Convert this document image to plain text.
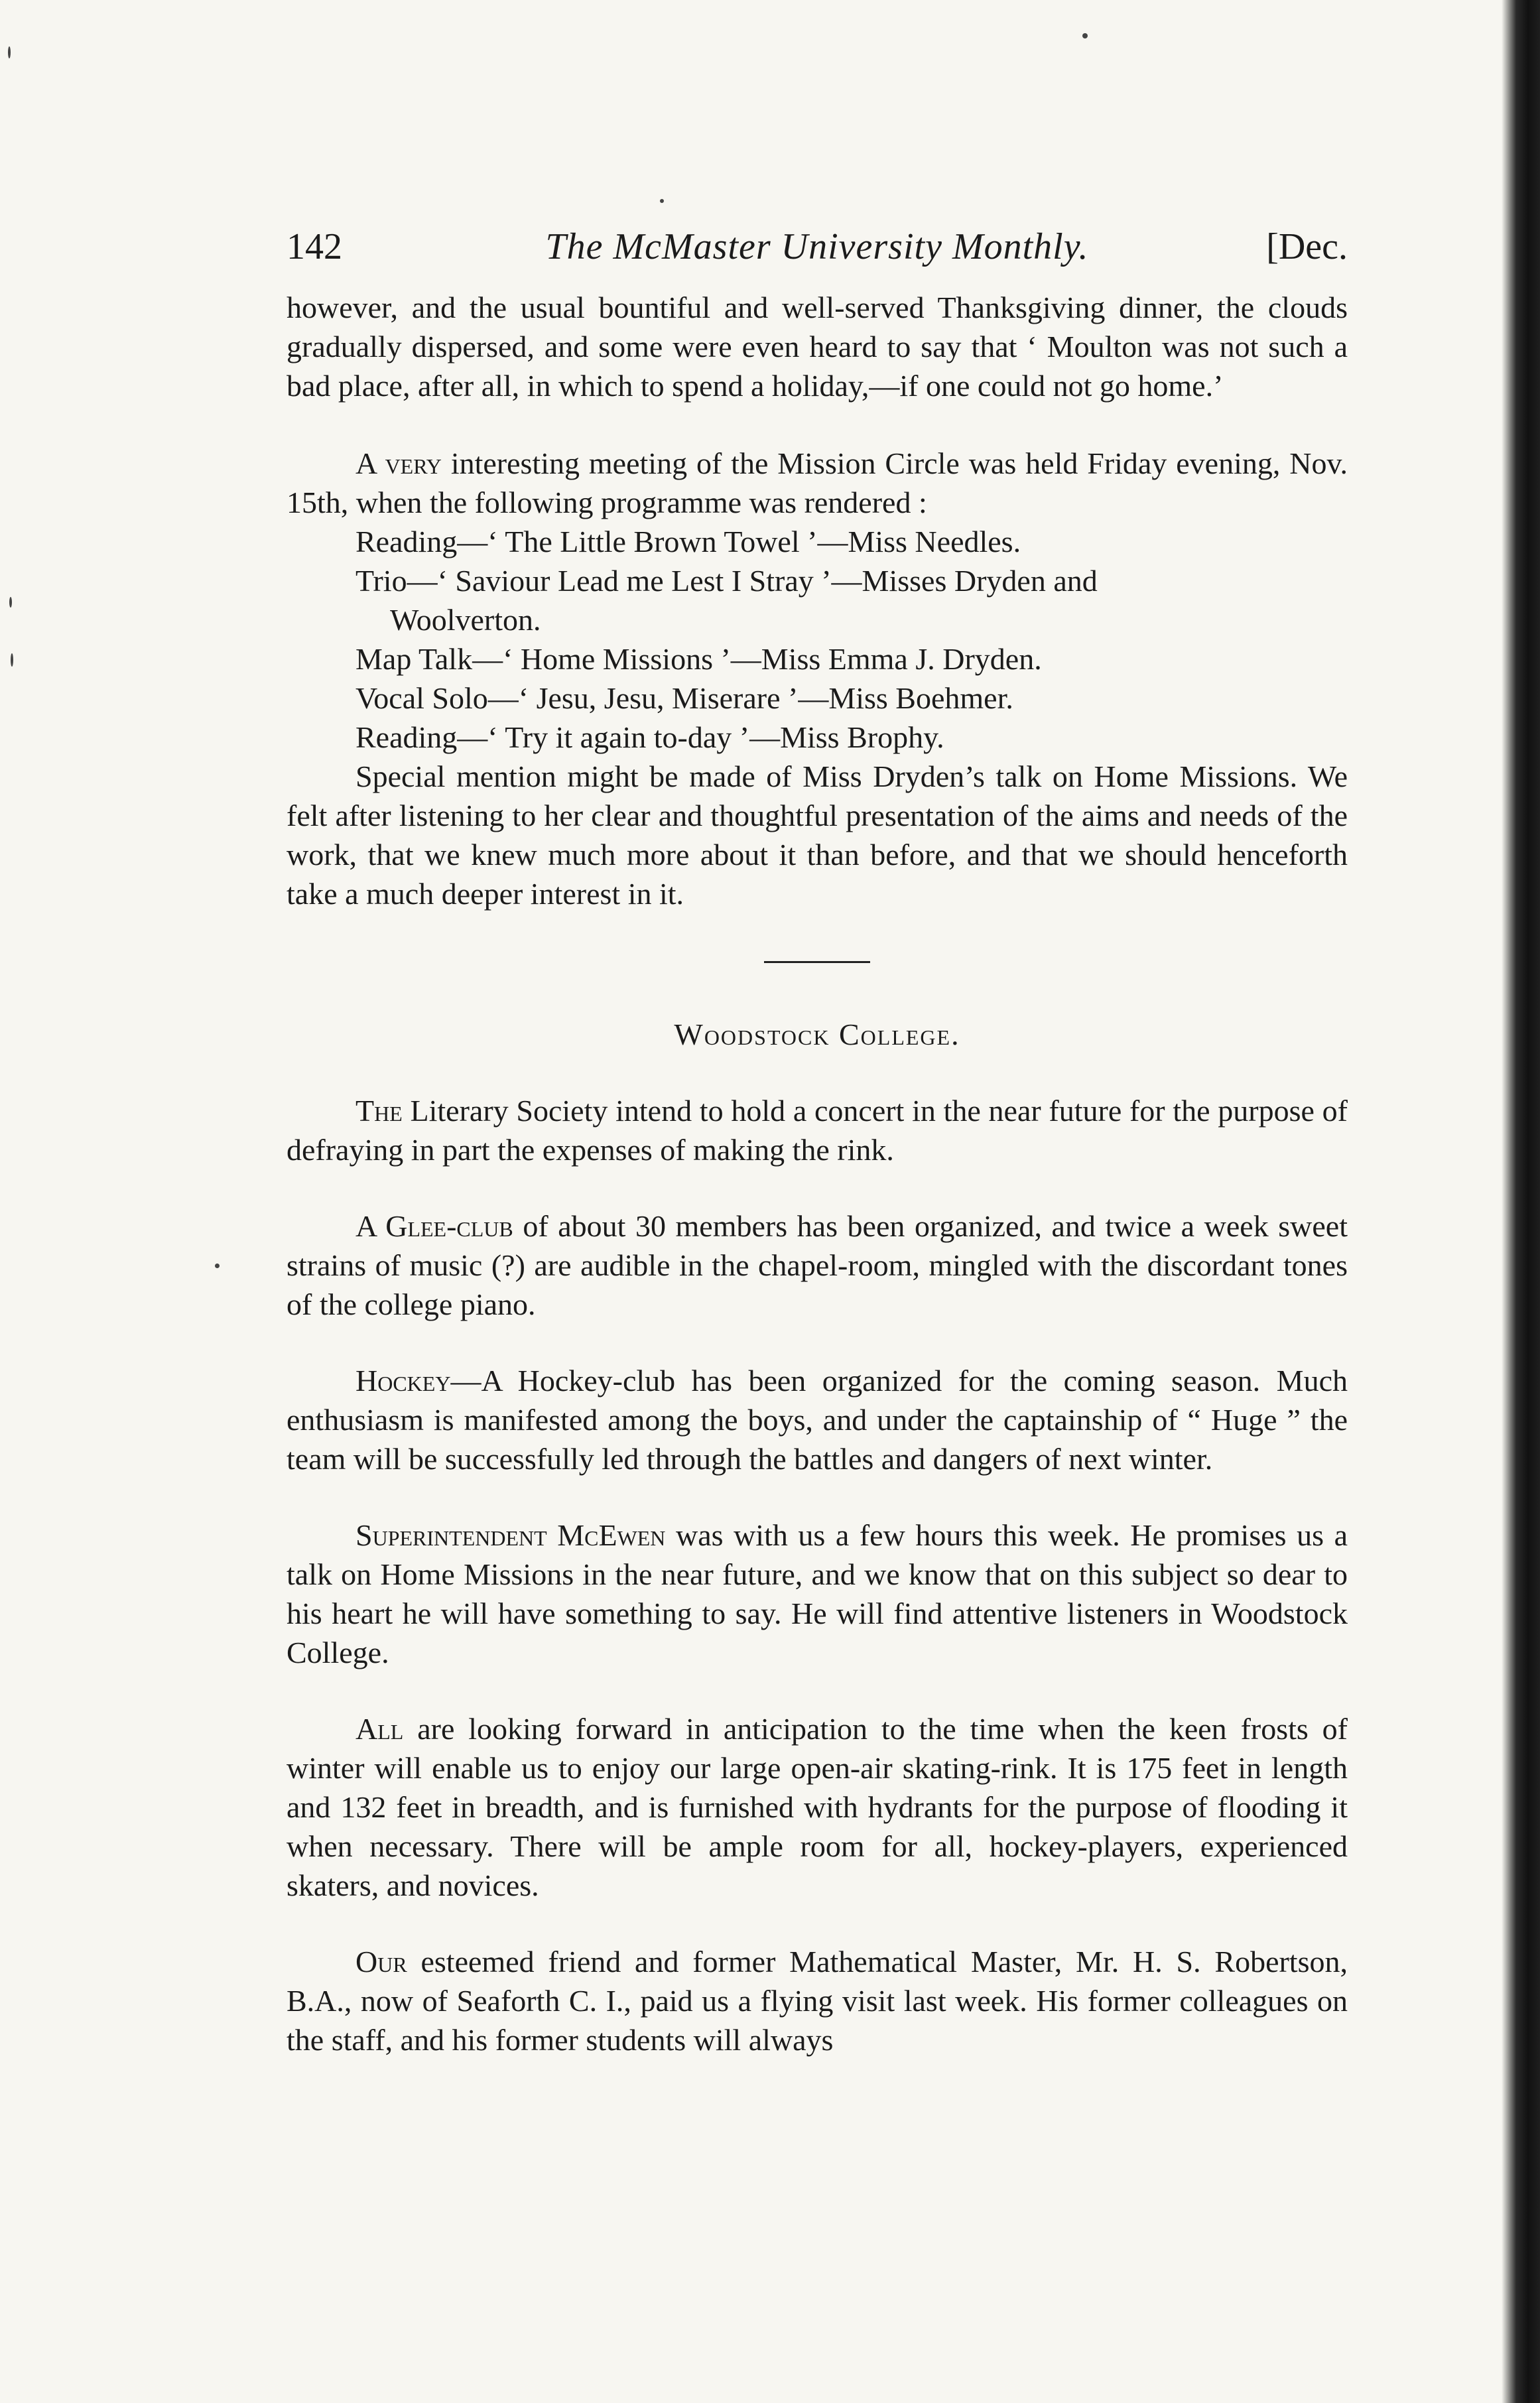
142	The McMaster University Monthly.	[Dec.

however, and the usual bountiful and well-served Thanksgiving dinner, the clouds gradually dispersed, and some were even heard to say that ‘ Moulton was not such a bad place, after all, in which to spend a holiday,—if one could not go home.’

A very interesting meeting of the Mission Circle was held Friday evening, Nov. 15th, when the following programme was rendered :

Reading—‘ The Little Brown Towel ’—Miss Needles.
Trio—‘ Saviour Lead me Lest I Stray ’—Misses Dryden and
Woolverton.
Map Talk—‘ Home Missions ’—Miss Emma J. Dryden.
Vocal Solo—‘ Jesu, Jesu, Miserare ’—Miss Boehmer.
Reading—‘ Try it again to-day ’—Miss Brophy.

Special mention might be made of Miss Dryden’s talk on Home Missions. We felt after listening to her clear and thoughtful presentation of the aims and needs of the work, that we knew much more about it than before, and that we should henceforth take a much deeper interest in it.

Woodstock College.

The Literary Society intend to hold a concert in the near future for the purpose of defraying in part the expenses of making the rink.

A Glee-club of about 30 members has been organized, and twice a week sweet strains of music (?) are audible in the chapel-room, mingled with the discordant tones of the college piano.

Hockey—A Hockey-club has been organized for the coming season. Much enthusiasm is manifested among the boys, and under the captainship of “ Huge ” the team will be successfully led through the battles and dangers of next winter.

Superintendent McEwen was with us a few hours this week. He promises us a talk on Home Missions in the near future, and we know that on this subject so dear to his heart he will have something to say. He will find attentive listeners in Woodstock College.

All are looking forward in anticipation to the time when the keen frosts of winter will enable us to enjoy our large open-air skating-rink. It is 175 feet in length and 132 feet in breadth, and is furnished with hydrants for the purpose of flooding it when necessary. There will be ample room for all, hockey-players, experienced skaters, and novices.

Our esteemed friend and former Mathematical Master, Mr. H. S. Robertson, B.A., now of Seaforth C. I., paid us a flying visit last week. His former colleagues on the staff, and his former students will always
